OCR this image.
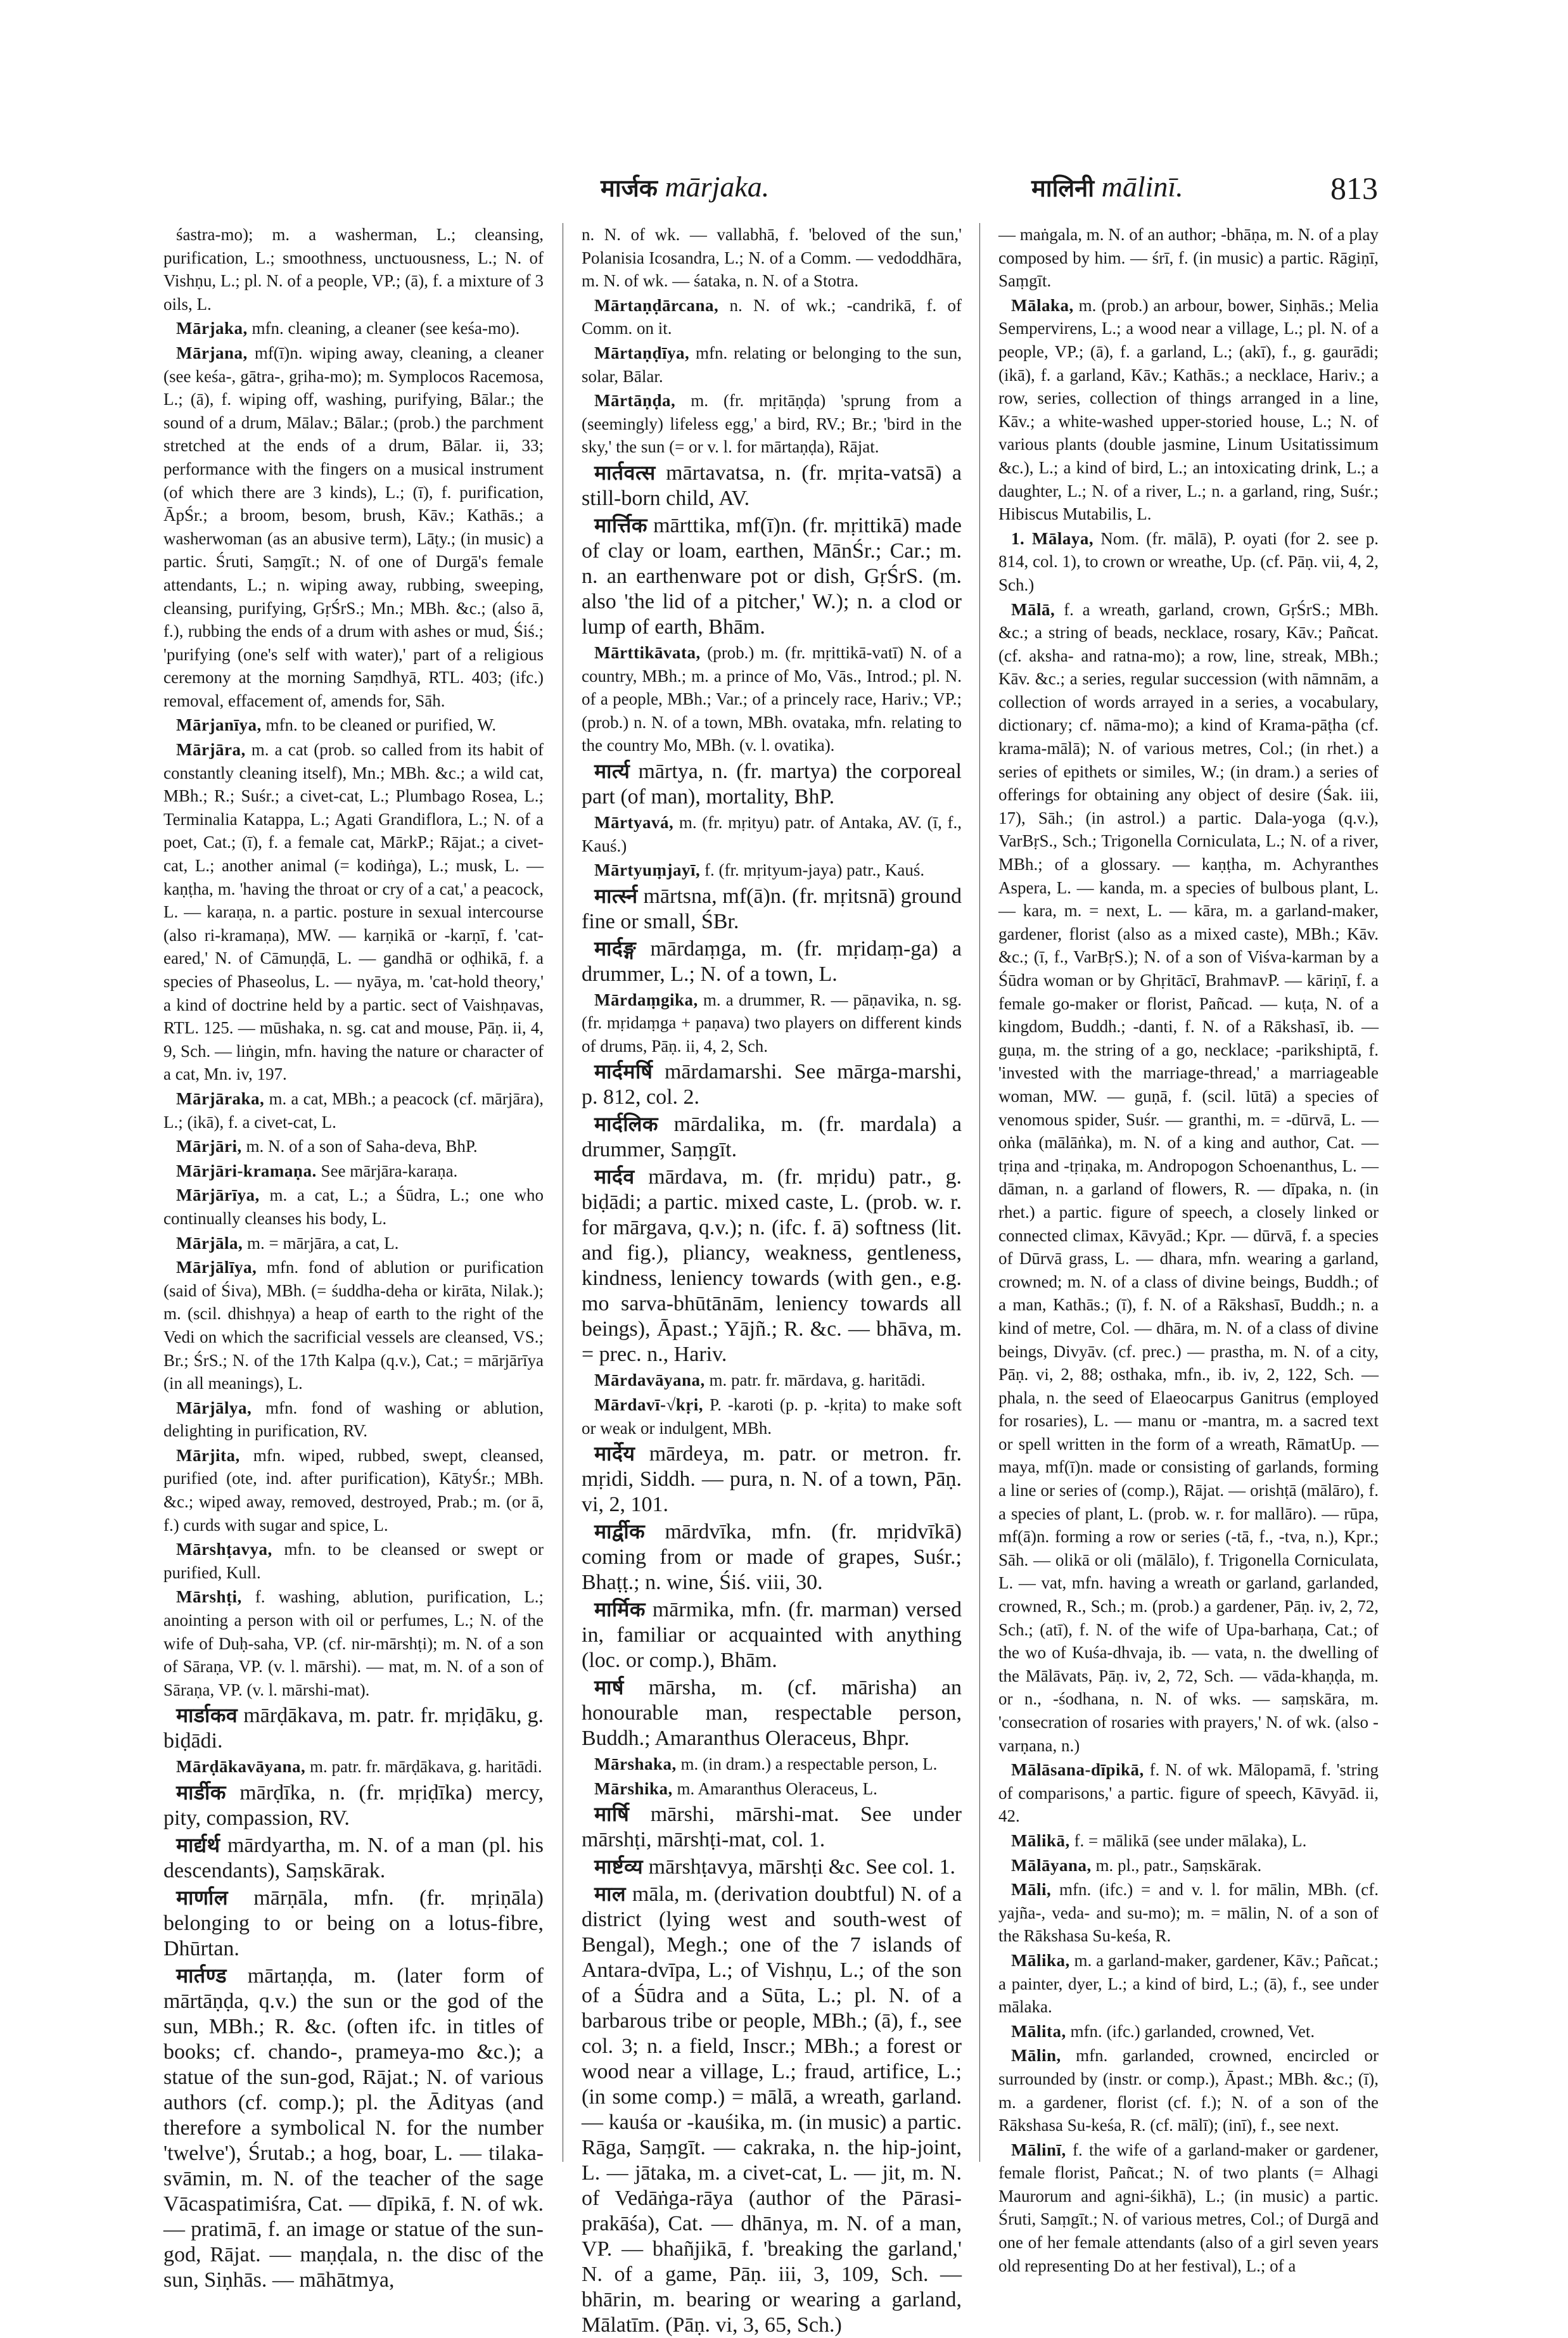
मार्जक mārjaka.	मालिनी mālinī.	813

śastra-mo); m. a washerman, L.; cleansing, purification, L.; smoothness, unctuousness, L.; N. of Vishṇu, L.; pl. N. of a people, VP.; (ā), f. a mixture of 3 oils, L.

Mārjaka, mfn. cleaning, a cleaner (see keśa-mo).

Mārjana, mf(ī)n. wiping away, cleaning, a cleaner (see keśa-, gātra-, gṛiha-mo); m. Symplocos Racemosa, L.; (ā), f. wiping off, washing, purifying, Bālar.; the sound of a drum, Mālav.; Bālar.; (prob.) the parchment stretched at the ends of a drum, Bālar. ii, 33; performance with the fingers on a musical instrument (of which there are 3 kinds), L.; (ī), f. purification, ĀpŚr.; a broom, besom, brush, Kāv.; Kathās.; a washerwoman (as an abusive term), Lāṭy.; (in music) a partic. Śruti, Saṃgīt.; N. of one of Durgā's female attendants, L.; n. wiping away, rubbing, sweeping, cleansing, purifying, GṛŚrS.; Mn.; MBh. &c.; (also ā, f.), rubbing the ends of a drum with ashes or mud, Śiś.; 'purifying (one's self with water),' part of a religious ceremony at the morning Saṃdhyā, RTL. 403; (ifc.) removal, effacement of, amends for, Sāh.

Mārjanīya, mfn. to be cleaned or purified, W.

Mārjāra, m. a cat (prob. so called from its habit of constantly cleaning itself), Mn.; MBh. &c.; a wild cat, MBh.; R.; Suśr.; a civet-cat, L.; Plumbago Rosea, L.; Terminalia Katappa, L.; Agati Grandiflora, L.; N. of a poet, Cat.; (ī), f. a female cat, MārkP.; Rājat.; a civet-cat, L.; another animal (= kodiṅga), L.; musk, L. — kaṇṭha, m. 'having the throat or cry of a cat,' a peacock, L. — karaṇa, n. a partic. posture in sexual intercourse (also ri-kramaṇa), MW. — karṇikā or -karṇī, f. 'cat-eared,' N. of Cāmuṇḍā, L. — gandhā or oḍhikā, f. a species of Phaseolus, L. — nyāya, m. 'cat-hold theory,' a kind of doctrine held by a partic. sect of Vaishṇavas, RTL. 125. — mūshaka, n. sg. cat and mouse, Pāṇ. ii, 4, 9, Sch. — liṅgin, mfn. having the nature or character of a cat, Mn. iv, 197.

Mārjāraka, m. a cat, MBh.; a peacock (cf. mārjāra), L.; (ikā), f. a civet-cat, L.

Mārjāri, m. N. of a son of Saha-deva, BhP.

Mārjāri-kramaṇa. See mārjāra-karaṇa.

Mārjārīya, m. a cat, L.; a Śūdra, L.; one who continually cleanses his body, L.

Mārjāla, m. = mārjāra, a cat, L.

Mārjālīya, mfn. fond of ablution or purification (said of Śiva), MBh. (= śuddha-deha or kirāta, Nilak.); m. (scil. dhishṇya) a heap of earth to the right of the Vedi on which the sacrificial vessels are cleansed, VS.; Br.; ŚrS.; N. of the 17th Kalpa (q.v.), Cat.; = mārjārīya (in all meanings), L.

Mārjālya, mfn. fond of washing or ablution, delighting in purification, RV.

Mārjita, mfn. wiped, rubbed, swept, cleansed, purified (ote, ind. after purification), KātyŚr.; MBh. &c.; wiped away, removed, destroyed, Prab.; m. (or ā, f.) curds with sugar and spice, L.

Mārshṭavya, mfn. to be cleansed or swept or purified, Kull.

Mārshṭi, f. washing, ablution, purification, L.; anointing a person with oil or perfumes, L.; N. of the wife of Duḥ-saha, VP. (cf. nir-mārshṭi); m. N. of a son of Sāraṇa, VP. (v. l. mārshi). — mat, m. N. of a son of Sāraṇa, VP. (v. l. mārshi-mat).

मार्डाकव mārḍākava, m. patr. fr. mṛiḍāku, g. biḍādi.

Mārḍākavāyana, m. patr. fr. mārḍākava, g. haritādi.

मार्डीक mārḍīka, n. (fr. mṛiḍīka) mercy, pity, compassion, RV.

मार्द्यर्थ mārdyartha, m. N. of a man (pl. his descendants), Saṃskārak.

मार्णाल mārṇāla, mfn. (fr. mṛiṇāla) belonging to or being on a lotus-fibre, Dhūrtan.

मार्तण्ड mārtaṇḍa, m. (later form of mārtāṇḍa, q.v.) the sun or the god of the sun, MBh.; R. &c. (often ifc. in titles of books; cf. chando-, prameya-mo &c.); a statue of the sun-god, Rājat.; N. of various authors (cf. comp.); pl. the Ādityas (and therefore a symbolical N. for the number 'twelve'), Śrutab.; a hog, boar, L. — tilaka-svāmin, m. N. of the teacher of the sage Vācaspatimiśra, Cat. — dīpikā, f. N. of wk. — pratimā, f. an image or statue of the sun-god, Rājat. — maṇḍala, n. the disc of the sun, Siṇhās. — māhātmya,

n. N. of wk. — vallabhā, f. 'beloved of the sun,' Polanisia Icosandra, L.; N. of a Comm. — vedoddhāra, m. N. of wk. — śataka, n. N. of a Stotra.

Mārtaṇḍārcana, n. N. of wk.; -candrikā, f. of Comm. on it.

Mārtaṇḍīya, mfn. relating or belonging to the sun, solar, Bālar.

Mārtāṇḍa, m. (fr. mṛitāṇḍa) 'sprung from a (seemingly) lifeless egg,' a bird, RV.; Br.; 'bird in the sky,' the sun (= or v. l. for mārtaṇḍa), Rājat.

मार्तवत्स mārtavatsa, n. (fr. mṛita-vatsā) a still-born child, AV.

मार्त्तिक mārttika, mf(ī)n. (fr. mṛittikā) made of clay or loam, earthen, MānŚr.; Car.; m. n. an earthenware pot or dish, GṛŚrS. (m. also 'the lid of a pitcher,' W.); n. a clod or lump of earth, Bhām.

Mārttikāvata, (prob.) m. (fr. mṛittikā-vatī) N. of a country, MBh.; m. a prince of Mo, Vās., Introd.; pl. N. of a people, MBh.; Var.; of a princely race, Hariv.; VP.; (prob.) n. N. of a town, MBh. ovataka, mfn. relating to the country Mo, MBh. (v. l. ovatika).

मार्त्य mārtya, n. (fr. martya) the corporeal part (of man), mortality, BhP.

Mārtyavá, m. (fr. mṛityu) patr. of Antaka, AV. (ī, f., Kauś.)

Mārtyuṃjayī, f. (fr. mṛityum-jaya) patr., Kauś.

मार्त्स्न mārtsna, mf(ā)n. (fr. mṛitsnā) ground fine or small, ŚBr.

मार्दङ्ग mārdaṃga, m. (fr. mṛidaṃ-ga) a drummer, L.; N. of a town, L.

Mārdaṃgika, m. a drummer, R. — pāṇavika, n. sg. (fr. mṛidaṃga + paṇava) two players on different kinds of drums, Pāṇ. ii, 4, 2, Sch.

मार्दमर्षि mārdamarshi. See mārga-marshi, p. 812, col. 2.

मार्दलिक mārdalika, m. (fr. mardala) a drummer, Saṃgīt.

मार्दव mārdava, m. (fr. mṛidu) patr., g. biḍādi; a partic. mixed caste, L. (prob. w. r. for mārgava, q.v.); n. (ifc. f. ā) softness (lit. and fig.), pliancy, weakness, gentleness, kindness, leniency towards (with gen., e.g. mo sarva-bhūtānām, leniency towards all beings), Āpast.; Yājñ.; R. &c. — bhāva, m. = prec. n., Hariv.

Mārdavāyana, m. patr. fr. mārdava, g. haritādi.

Mārdavī-√kṛi, P. -karoti (p. p. -kṛita) to make soft or weak or indulgent, MBh.

मार्देय mārdeya, m. patr. or metron. fr. mṛidi, Siddh. — pura, n. N. of a town, Pāṇ. vi, 2, 101.

मार्द्वीक mārdvīka, mfn. (fr. mṛidvīkā) coming from or made of grapes, Suśr.; Bhaṭṭ.; n. wine, Śiś. viii, 30.

मार्मिक mārmika, mfn. (fr. marman) versed in, familiar or acquainted with anything (loc. or comp.), Bhām.

मार्ष mārsha, m. (cf. mārisha) an honourable man, respectable person, Buddh.; Amaranthus Oleraceus, Bhpr.

Mārshaka, m. (in dram.) a respectable person, L.

Mārshika, m. Amaranthus Oleraceus, L.

मार्षि mārshi, mārshi-mat. See under mārshṭi, mārshṭi-mat, col. 1.

मार्ष्टव्य mārshṭavya, mārshṭi &c. See col. 1.

माल māla, m. (derivation doubtful) N. of a district (lying west and south-west of Bengal), Megh.; one of the 7 islands of Antara-dvīpa, L.; of Vishṇu, L.; of the son of a Śūdra and a Sūta, L.; pl. N. of a barbarous tribe or people, MBh.; (ā), f., see col. 3; n. a field, Inscr.; MBh.; a forest or wood near a village, L.; fraud, artifice, L.; (in some comp.) = mālā, a wreath, garland. — kauśa or -kauśika, m. (in music) a partic. Rāga, Saṃgīt. — cakraka, n. the hip-joint, L. — jātaka, m. a civet-cat, L. — jit, m. N. of Vedāṅga-rāya (author of the Pārasi-prakāśa), Cat. — dhānya, m. N. of a man, VP. — bhañjikā, f. 'breaking the garland,' N. of a game, Pāṇ. iii, 3, 109, Sch. — bhārin, m. bearing or wearing a garland, Mālatīm. (Pāṇ. vi, 3, 65, Sch.)

— maṅgala, m. N. of an author; -bhāṇa, m. N. of a play composed by him. — śrī, f. (in music) a partic. Rāgiṇī, Saṃgīt.

Mālaka, m. (prob.) an arbour, bower, Siṇhās.; Melia Sempervirens, L.; a wood near a village, L.; pl. N. of a people, VP.; (ā), f. a garland, L.; (akī), f., g. gaurādi; (ikā), f. a garland, Kāv.; Kathās.; a necklace, Hariv.; a row, series, collection of things arranged in a line, Kāv.; a white-washed upper-storied house, L.; N. of various plants (double jasmine, Linum Usitatissimum &c.), L.; a kind of bird, L.; an intoxicating drink, L.; a daughter, L.; N. of a river, L.; n. a garland, ring, Suśr.; Hibiscus Mutabilis, L.

1. Mālaya, Nom. (fr. mālā), P. oyati (for 2. see p. 814, col. 1), to crown or wreathe, Up. (cf. Pāṇ. vii, 4, 2, Sch.)

Mālā, f. a wreath, garland, crown, GṛŚrS.; MBh. &c.; a string of beads, necklace, rosary, Kāv.; Pañcat. (cf. aksha- and ratna-mo); a row, line, streak, MBh.; Kāv. &c.; a series, regular succession (with nāmnām, a collection of words arrayed in a series, a vocabulary, dictionary; cf. nāma-mo); a kind of Krama-pāṭha (cf. krama-mālā); N. of various metres, Col.; (in rhet.) a series of epithets or similes, W.; (in dram.) a series of offerings for obtaining any object of desire (Śak. iii, 17), Sāh.; (in astrol.) a partic. Dala-yoga (q.v.), VarBṛS., Sch.; Trigonella Corniculata, L.; N. of a river, MBh.; of a glossary. — kaṇṭha, m. Achyranthes Aspera, L. — kanda, m. a species of bulbous plant, L. — kara, m. = next, L. — kāra, m. a garland-maker, gardener, florist (also as a mixed caste), MBh.; Kāv. &c.; (ī, f., VarBṛS.); N. of a son of Viśva-karman by a Śūdra woman or by Ghṛitācī, BrahmavP. — kāriṇī, f. a female go-maker or florist, Pañcad. — kuṭa, N. of a kingdom, Buddh.; -danti, f. N. of a Rākshasī, ib. — guṇa, m. the string of a go, necklace; -parikshiptā, f. 'invested with the marriage-thread,' a marriageable woman, MW. — guṇā, f. (scil. lūtā) a species of venomous spider, Suśr. — granthi, m. = -dūrvā, L. — oṅka (mālāṅka), m. N. of a king and author, Cat. — tṛiṇa and -tṛiṇaka, m. Andropogon Schoenanthus, L. — dāman, n. a garland of flowers, R. — dīpaka, n. (in rhet.) a partic. figure of speech, a closely linked or connected climax, Kāvyād.; Kpr. — dūrvā, f. a species of Dūrvā grass, L. — dhara, mfn. wearing a garland, crowned; m. N. of a class of divine beings, Buddh.; of a man, Kathās.; (ī), f. N. of a Rākshasī, Buddh.; n. a kind of metre, Col. — dhāra, m. N. of a class of divine beings, Divyāv. (cf. prec.) — prastha, m. N. of a city, Pāṇ. vi, 2, 88; osthaka, mfn., ib. iv, 2, 122, Sch. — phala, n. the seed of Elaeocarpus Ganitrus (employed for rosaries), L. — manu or -mantra, m. a sacred text or spell written in the form of a wreath, RāmatUp. — maya, mf(ī)n. made or consisting of garlands, forming a line or series of (comp.), Rājat. — orishṭā (mālāro), f. a species of plant, L. (prob. w. r. for mallāro). — rūpa, mf(ā)n. forming a row or series (-tā, f., -tva, n.), Kpr.; Sāh. — olikā or oli (mālālo), f. Trigonella Corniculata, L. — vat, mfn. having a wreath or garland, garlanded, crowned, R., Sch.; m. (prob.) a gardener, Pāṇ. iv, 2, 72, Sch.; (atī), f. N. of the wife of Upa-barhaṇa, Cat.; of the wo of Kuśa-dhvaja, ib. — vata, n. the dwelling of the Mālāvats, Pāṇ. iv, 2, 72, Sch. — vāda-khaṇḍa, m. or n., -śodhana, n. N. of wks. — saṃskāra, m. 'consecration of rosaries with prayers,' N. of wk. (also -varṇana, n.)

Mālāsana-dīpikā, f. N. of wk. Mālopamā, f. 'string of comparisons,' a partic. figure of speech, Kāvyād. ii, 42.

Mālikā, f. = mālikā (see under mālaka), L.

Mālāyana, m. pl., patr., Saṃskārak.

Māli, mfn. (ifc.) = and v. l. for mālin, MBh. (cf. yajña-, veda- and su-mo); m. = mālin, N. of a son of the Rākshasa Su-keśa, R.

Mālika, m. a garland-maker, gardener, Kāv.; Pañcat.; a painter, dyer, L.; a kind of bird, L.; (ā), f., see under mālaka.

Mālita, mfn. (ifc.) garlanded, crowned, Vet.

Mālin, mfn. garlanded, crowned, encircled or surrounded by (instr. or comp.), Āpast.; MBh. &c.; (ī), m. a gardener, florist (cf. f.); N. of a son of the Rākshasa Su-keśa, R. (cf. mālī); (inī), f., see next.

Mālinī, f. the wife of a garland-maker or gardener, female florist, Pañcat.; N. of two plants (= Alhagi Maurorum and agni-śikhā), L.; (in music) a partic. Śruti, Saṃgīt.; N. of various metres, Col.; of Durgā and one of her female attendants (also of a girl seven years old representing Do at her festival), L.; of a
